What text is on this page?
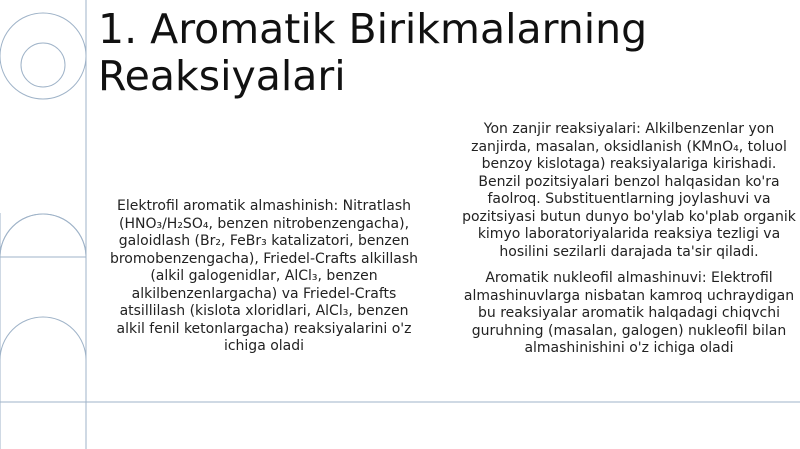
1. Aromatik Birikmalarning Reaksiyalari

Elektrofil aromatik almashinish: Nitratlash (HNO₃/H₂SO₄, benzen nitrobenzengacha), galoidlash (Br₂, FeBr₃ katalizatori, benzen bromobenzengacha), Friedel-Crafts alkillash (alkil galogenidlar, AlCl₃, benzen alkilbenzenlargacha) va Friedel-Crafts atsillilash (kislota xloridlari, AlCl₃, benzen alkil fenil ketonlargacha) reaksiyalarini o'z ichiga oladi

Yon zanjir reaksiyalari: Alkilbenzenlar yon zanjirda, masalan, oksidlanish (KMnO₄, toluol benzoy kislotaga) reaksiyalariga kirishadi. Benzil pozitsiyalari benzol halqasidan ko'ra faolroq. Substituentlarning joylashuvi va pozitsiyasi butun dunyo bo'ylab ko'plab organik kimyo laboratoriyalarida reaksiya tezligi va hosilini sezilarli darajada ta'sir qiladi.

Aromatik nukleofil almashinuvi: Elektrofil almashinuvlarga nisbatan kamroq uchraydigan bu reaksiyalar aromatik halqadagi chiqvchi guruhning (masalan, galogen) nukleofil bilan almashinishini o'z ichiga oladi
